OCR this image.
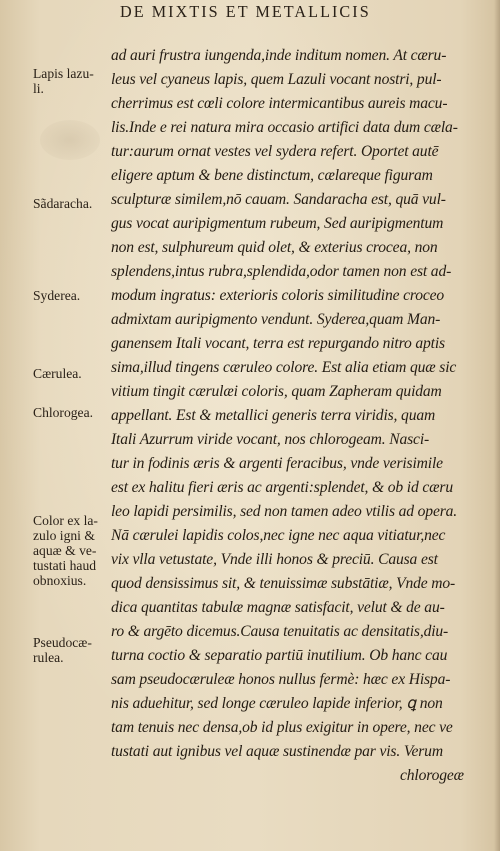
DE MIXTIS ET METALLICIS
Lapis lazu-
li.
Sãdaracha.
Syderea.
Cærulea.
Chlorogea.
Color ex la-
zulo igni &
aquæ & ve-
tustati haud
obnoxius.
Pseudocæ-
rulea.
ad auri frustra iungenda,inde inditum nomen. At cæru-
leus vel cyaneus lapis, quem Lazuli vocant nostri, pul-
cherrimus est cœli colore intermicantibus aureis macu-
lis.Inde e rei natura mira occasio artifici data dum cæla-
tur:aurum ornat vestes vel sydera refert. Oportet autē
eligere aptum & bene distinctum, cælareque figuram
sculpturæ similem,nō cauam. Sandaracha est, quā vul-
gus vocat auripigmentum rubeum, Sed auripigmentum
non est, sulphureum quid olet, & exterius crocea, non
splendens,intus rubra,splendida,odor tamen non est ad-
modum ingratus: exterioris coloris similitudine croceo
admixtam auripigmento vendunt. Syderea,quam Man-
ganensem Itali vocant, terra est repurgando nitro aptis
sima,illud tingens cæruleo colore. Est alia etiam quæ sic
vitium tingit cærulæi coloris, quam Zapheram quidam
appellant. Est & metallici generis terra viridis, quam
Itali Azurrum viride vocant, nos chlorogeam. Nasci-
tur in fodinis æris & argenti feracibus, vnde verisimile
est ex halitu fieri æris ac argenti:splendet, & ob id cæru
leo lapidi persimilis, sed non tamen adeo vtilis ad opera.
Nā cærulei lapidis colos,nec igne nec aqua vitiatur,nec
vix vlla vetustate, Vnde illi honos & preciū. Causa est
quod densissimus sit, & tenuissimæ substātiæ, Vnde mo-
dica quantitas tabulæ magnæ satisfacit, velut & de au-
ro & argēto dicemus.Causa tenuitatis ac densitatis,diu-
turna coctio & separatio partiū inutilium. Ob hanc cau
sam pseudocæruleæ honos nullus fermè: hæc ex Hispa-
nis aduehitur, sed longe cæruleo lapide inferior, ꝗ non
tam tenuis nec densa,ob id plus exigitur in opere, nec ve
tustati aut ignibus vel aquæ sustinendæ par vis. Verum
chlorogeæ
